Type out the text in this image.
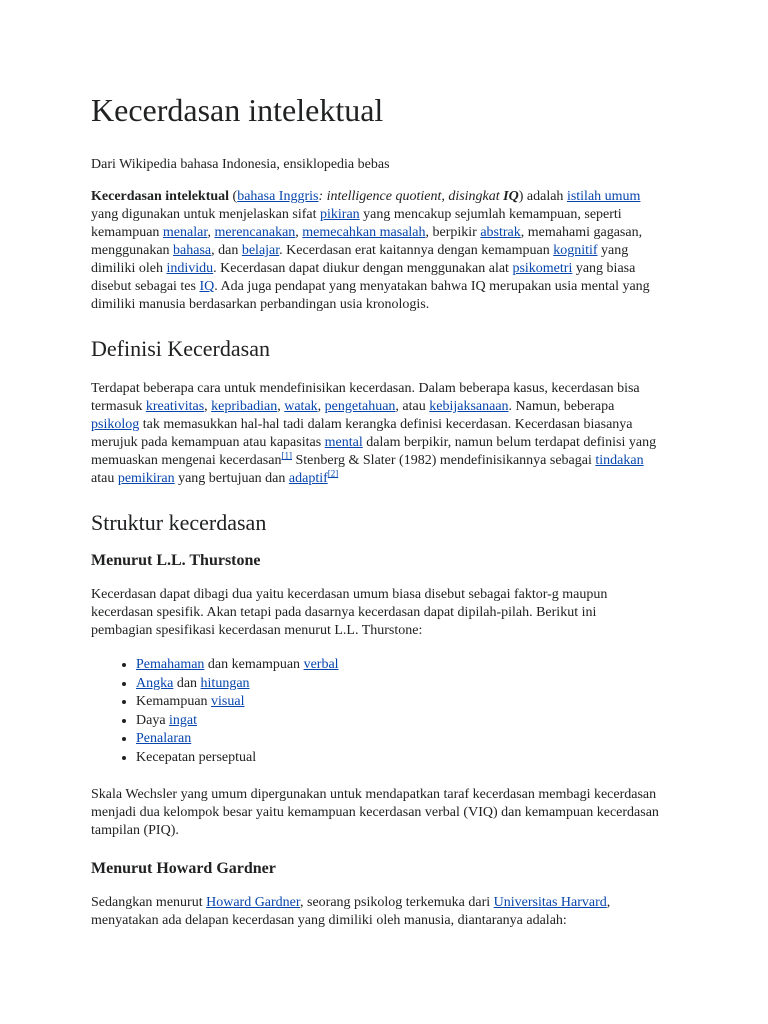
Kecerdasan intelektual

Dari Wikipedia bahasa Indonesia, ensiklopedia bebas

Kecerdasan intelektual (bahasa Inggris: intelligence quotient, disingkat IQ) adalah istilah umum yang digunakan untuk menjelaskan sifat pikiran yang mencakup sejumlah kemampuan, seperti kemampuan menalar, merencanakan, memecahkan masalah, berpikir abstrak, memahami gagasan, menggunakan bahasa, dan belajar. Kecerdasan erat kaitannya dengan kemampuan kognitif yang dimiliki oleh individu. Kecerdasan dapat diukur dengan menggunakan alat psikometri yang biasa disebut sebagai tes IQ. Ada juga pendapat yang menyatakan bahwa IQ merupakan usia mental yang dimiliki manusia berdasarkan perbandingan usia kronologis.

Definisi Kecerdasan

Terdapat beberapa cara untuk mendefinisikan kecerdasan. Dalam beberapa kasus, kecerdasan bisa termasuk kreativitas, kepribadian, watak, pengetahuan, atau kebijaksanaan. Namun, beberapa psikolog tak memasukkan hal-hal tadi dalam kerangka definisi kecerdasan. Kecerdasan biasanya merujuk pada kemampuan atau kapasitas mental dalam berpikir, namun belum terdapat definisi yang memuaskan mengenai kecerdasan[1] Stenberg & Slater (1982) mendefinisikannya sebagai tindakan atau pemikiran yang bertujuan dan adaptif[2]

Struktur kecerdasan
Menurut L.L. Thurstone

Kecerdasan dapat dibagi dua yaitu kecerdasan umum biasa disebut sebagai faktor-g maupun kecerdasan spesifik. Akan tetapi pada dasarnya kecerdasan dapat dipilah-pilah. Berikut ini pembagian spesifikasi kecerdasan menurut L.L. Thurstone:

• Pemahaman dan kemampuan verbal
• Angka dan hitungan
• Kemampuan visual
• Daya ingat
• Penalaran
• Kecepatan perseptual

Skala Wechsler yang umum dipergunakan untuk mendapatkan taraf kecerdasan membagi kecerdasan menjadi dua kelompok besar yaitu kemampuan kecerdasan verbal (VIQ) dan kemampuan kecerdasan tampilan (PIQ).

Menurut Howard Gardner

Sedangkan menurut Howard Gardner, seorang psikolog terkemuka dari Universitas Harvard, menyatakan ada delapan kecerdasan yang dimiliki oleh manusia, diantaranya adalah:
